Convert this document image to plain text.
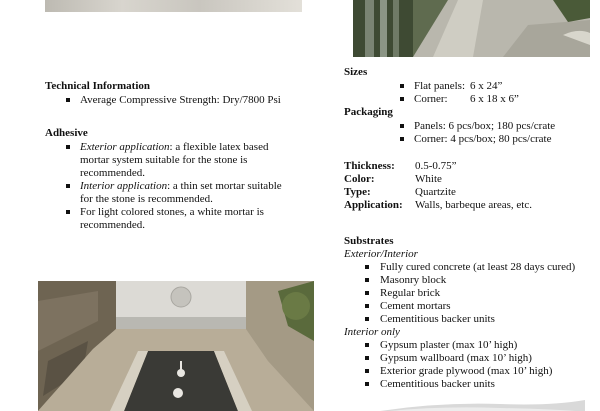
Technical Information
Average Compressive Strength: Dry/7800 Psi
Adhesive
Exterior application: a flexible latex based mortar system suitable for the stone is recommended.
Interior application: a thin set mortar suitable for the stone is recommended.
For light colored stones, a white mortar is recommended.
Sizes
Flat panels: 6 x 24”
Corner: 6 x 18 x 6”
Packaging
Panels: 6 pcs/box; 180 pcs/crate
Corner: 4 pcs/box; 80 pcs/crate
Thickness:	0.5-0.75”
Color:	White
Type:	Quartzite
Application:	Walls, barbeque areas, etc.
Substrates
Exterior/Interior
Fully cured concrete (at least 28 days cured)
Masonry block
Regular brick
Cement mortars
Cementitious backer units
Interior only
Gypsum plaster (max 10’ high)
Gypsum wallboard (max 10’ high)
Exterior grade plywood (max 10’ high)
Cementitious backer units
